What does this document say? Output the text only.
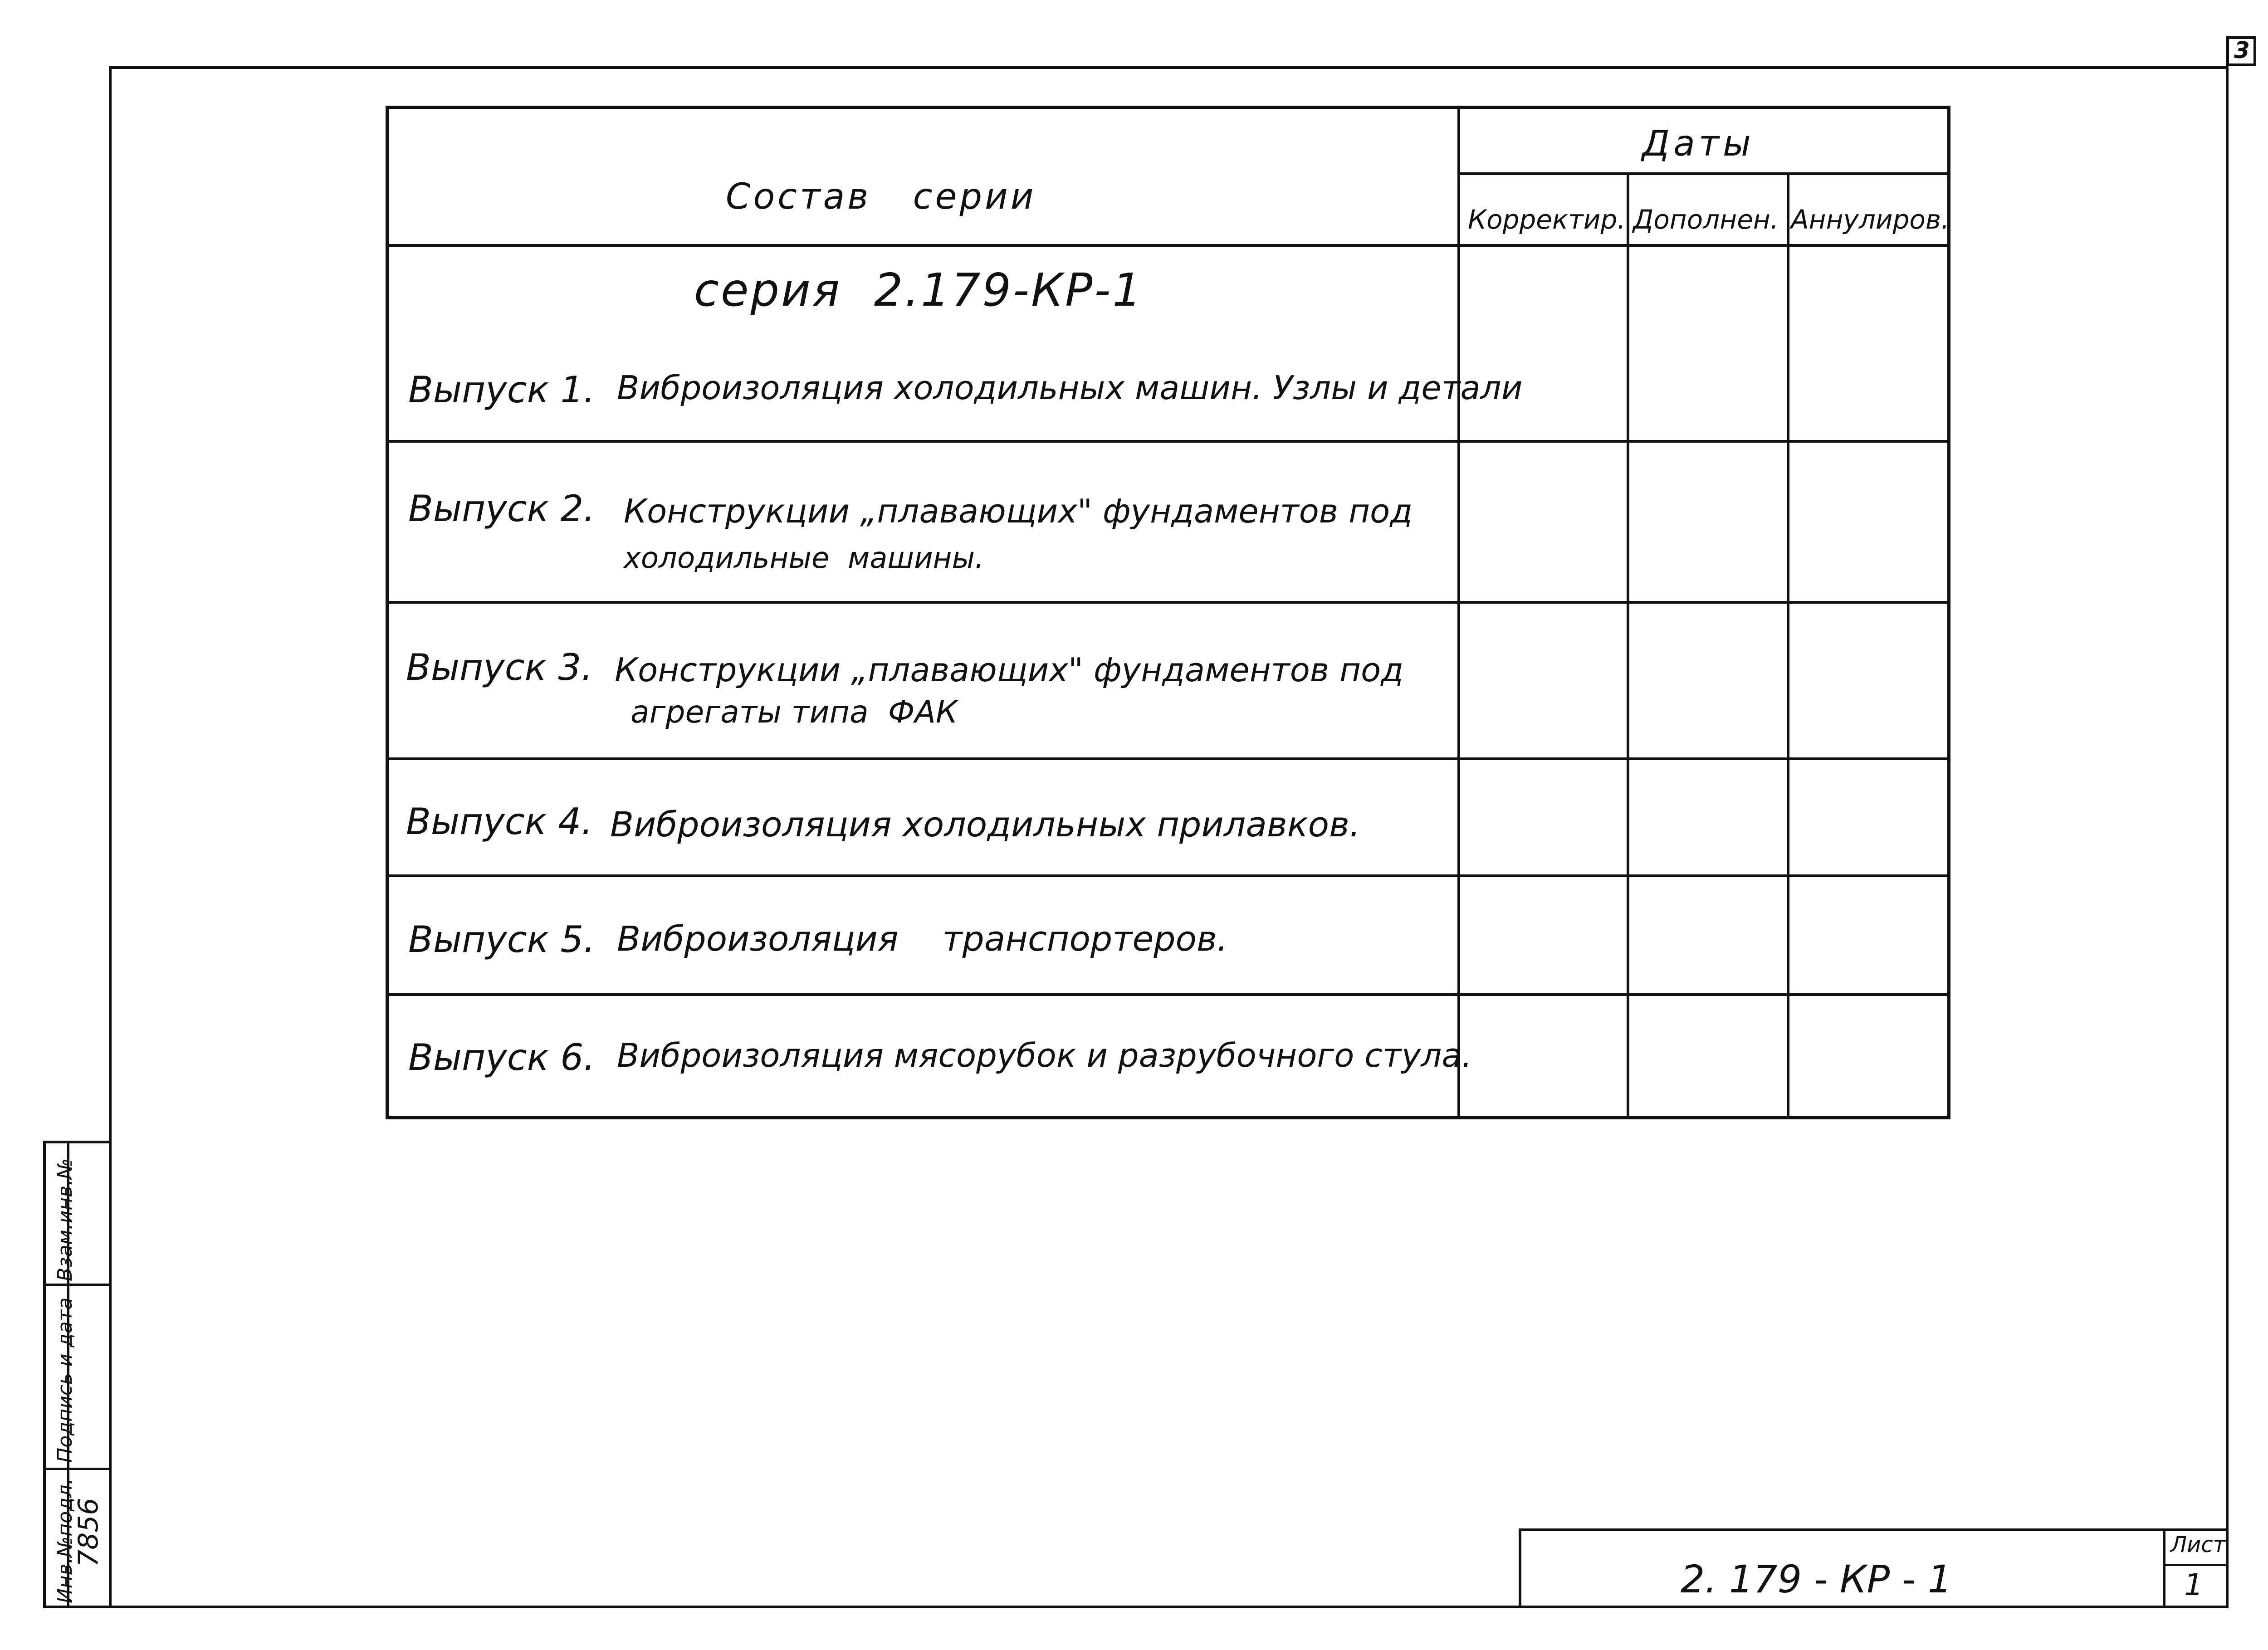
3
Состав   серии
Даты
Корректир. Дополнен. Аннулиров.
серия  2.179-КР-1
Выпуск 1. Виброизоляция холодильных машин. Узлы и детали
Выпуск 2. Конструкции „плавающих" фундаментов под
холодильные  машины.
Выпуск 3. Конструкции „плавающих" фундаментов под
агрегаты типа  ФАК
Выпуск 4. Виброизоляция холодильных прилавков.
Выпуск 5. Виброизоляция    транспортеров.
Выпуск 6. Виброизоляция мясорубок и разрубочного стула.
Инв.№подл.
Подпись и дата
Взам.инв.№
7856
2. 179 - КР - 1
Лист
1
